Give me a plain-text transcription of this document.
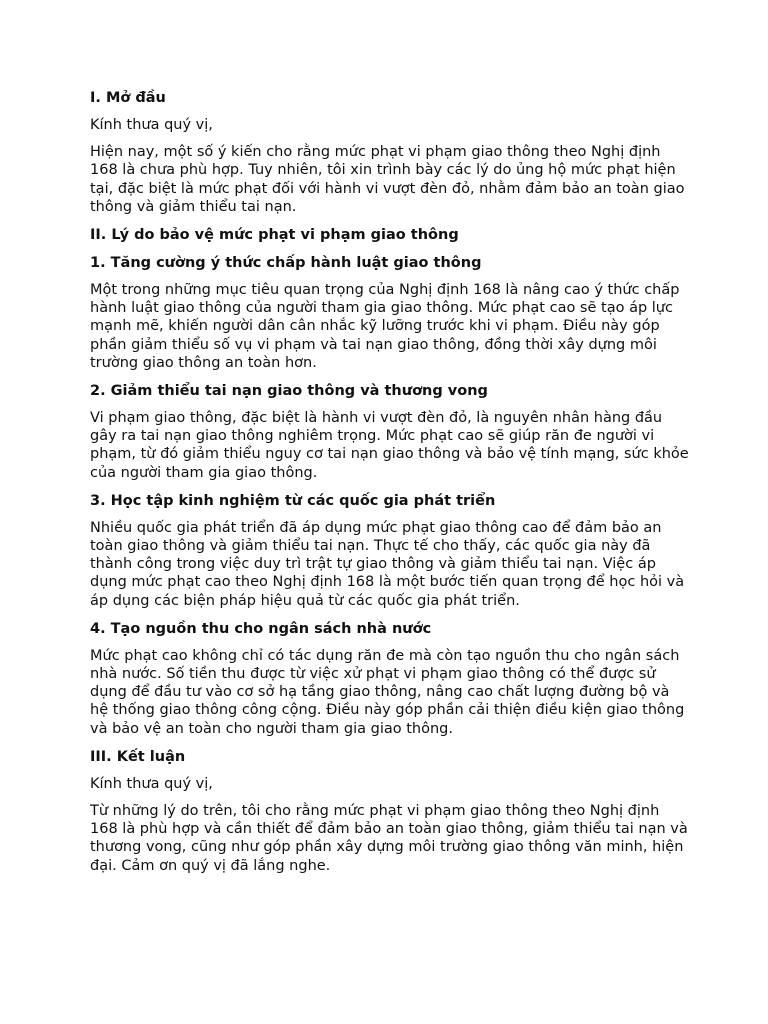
I. Mở đầu
Kính thưa quý vị,
Hiện nay, một số ý kiến cho rằng mức phạt vi phạm giao thông theo Nghị định 168 là chưa phù hợp. Tuy nhiên, tôi xin trình bày các lý do ủng hộ mức phạt hiện tại, đặc biệt là mức phạt đối với hành vi vượt đèn đỏ, nhằm đảm bảo an toàn giao thông và giảm thiểu tai nạn.
II. Lý do bảo vệ mức phạt vi phạm giao thông
1. Tăng cường ý thức chấp hành luật giao thông
Một trong những mục tiêu quan trọng của Nghị định 168 là nâng cao ý thức chấp hành luật giao thông của người tham gia giao thông. Mức phạt cao sẽ tạo áp lực mạnh mẽ, khiến người dân cân nhắc kỹ lưỡng trước khi vi phạm. Điều này góp phần giảm thiểu số vụ vi phạm và tai nạn giao thông, đồng thời xây dựng môi trường giao thông an toàn hơn.
2. Giảm thiểu tai nạn giao thông và thương vong
Vi phạm giao thông, đặc biệt là hành vi vượt đèn đỏ, là nguyên nhân hàng đầu gây ra tai nạn giao thông nghiêm trọng. Mức phạt cao sẽ giúp răn đe người vi phạm, từ đó giảm thiểu nguy cơ tai nạn giao thông và bảo vệ tính mạng, sức khỏe của người tham gia giao thông.
3. Học tập kinh nghiệm từ các quốc gia phát triển
Nhiều quốc gia phát triển đã áp dụng mức phạt giao thông cao để đảm bảo an toàn giao thông và giảm thiểu tai nạn. Thực tế cho thấy, các quốc gia này đã thành công trong việc duy trì trật tự giao thông và giảm thiểu tai nạn. Việc áp dụng mức phạt cao theo Nghị định 168 là một bước tiến quan trọng để học hỏi và áp dụng các biện pháp hiệu quả từ các quốc gia phát triển.
4. Tạo nguồn thu cho ngân sách nhà nước
Mức phạt cao không chỉ có tác dụng răn đe mà còn tạo nguồn thu cho ngân sách nhà nước. Số tiền thu được từ việc xử phạt vi phạm giao thông có thể được sử dụng để đầu tư vào cơ sở hạ tầng giao thông, nâng cao chất lượng đường bộ và hệ thống giao thông công cộng. Điều này góp phần cải thiện điều kiện giao thông và bảo vệ an toàn cho người tham gia giao thông.
III. Kết luận
Kính thưa quý vị,
Từ những lý do trên, tôi cho rằng mức phạt vi phạm giao thông theo Nghị định 168 là phù hợp và cần thiết để đảm bảo an toàn giao thông, giảm thiểu tai nạn và thương vong, cũng như góp phần xây dựng môi trường giao thông văn minh, hiện đại. Cảm ơn quý vị đã lắng nghe.
